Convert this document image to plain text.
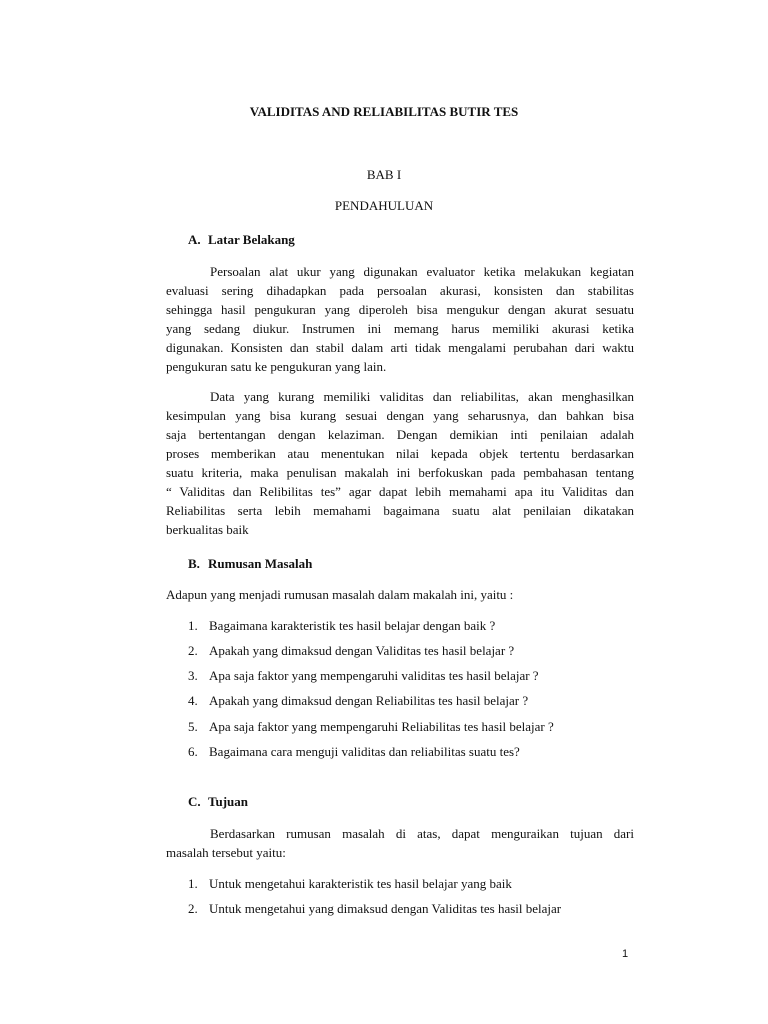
VALIDITAS AND RELIABILITAS BUTIR TES
BAB I
PENDAHULUAN
A. Latar Belakang
Persoalan alat ukur yang digunakan evaluator ketika melakukan kegiatan
evaluasi sering dihadapkan pada persoalan akurasi, konsisten dan stabilitas
sehingga hasil pengukuran yang diperoleh bisa mengukur dengan akurat sesuatu
yang sedang diukur. Instrumen ini memang harus memiliki akurasi ketika
digunakan. Konsisten dan stabil dalam arti tidak mengalami perubahan dari waktu
pengukuran satu ke pengukuran yang lain.
Data yang kurang memiliki validitas dan reliabilitas, akan menghasilkan
kesimpulan yang bisa kurang sesuai dengan yang seharusnya, dan bahkan bisa
saja bertentangan dengan kelaziman. Dengan demikian inti penilaian adalah
proses memberikan atau menentukan nilai kepada objek tertentu berdasarkan
suatu kriteria, maka penulisan makalah ini berfokuskan pada pembahasan tentang
“ Validitas dan Relibilitas tes” agar dapat lebih memahami apa itu Validitas dan
Reliabilitas serta lebih memahami bagaimana suatu alat penilaian dikatakan
berkualitas baik
B. Rumusan Masalah
Adapun yang menjadi rumusan masalah dalam makalah ini, yaitu :
1. Bagaimana karakteristik tes hasil belajar dengan baik ?
2. Apakah yang dimaksud dengan Validitas tes hasil belajar ?
3. Apa saja faktor yang mempengaruhi validitas tes hasil belajar ?
4. Apakah yang dimaksud dengan Reliabilitas tes hasil belajar ?
5. Apa saja faktor yang mempengaruhi Reliabilitas tes hasil belajar ?
6. Bagaimana cara menguji validitas dan reliabilitas suatu tes?
C. Tujuan
Berdasarkan rumusan masalah di atas, dapat menguraikan tujuan dari
masalah tersebut yaitu:
1. Untuk mengetahui karakteristik tes hasil belajar yang baik
2. Untuk mengetahui yang dimaksud dengan Validitas tes hasil belajar
1
